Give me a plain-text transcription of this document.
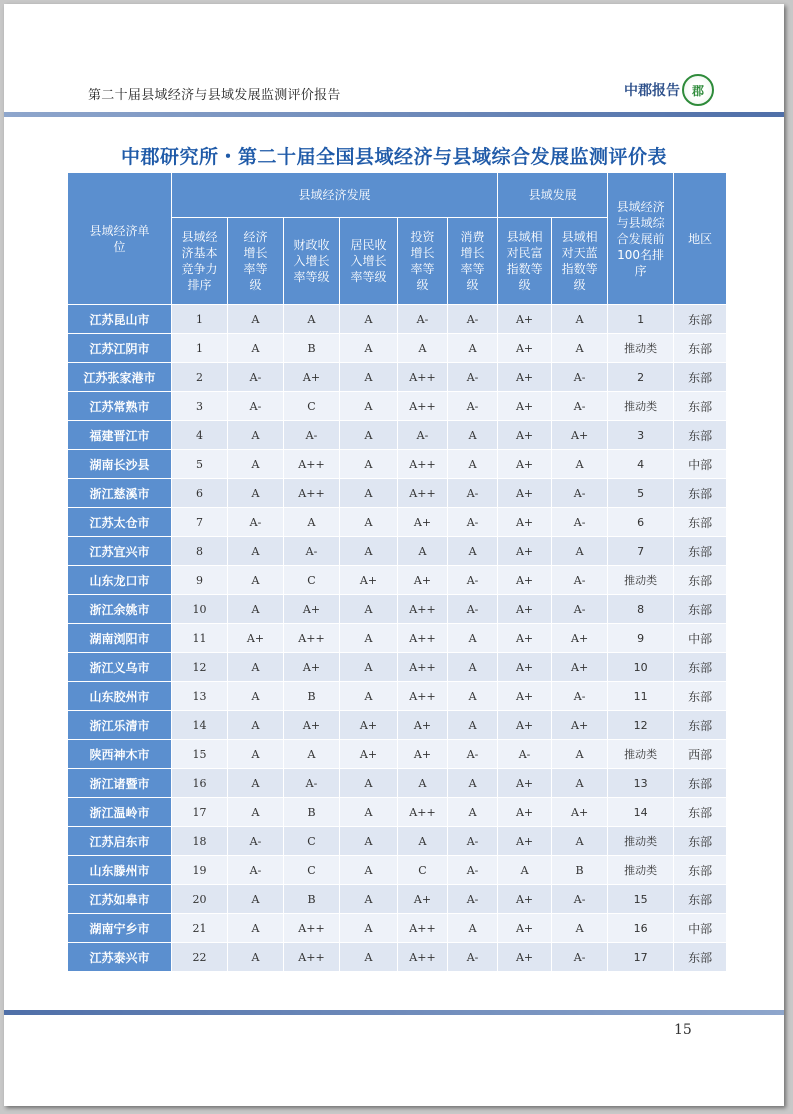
第二十届县域经济与县域发展监测评价报告	中郡报告 郡
中郡研究所・第二十届全国县域经济与县域综合发展监测评价表
县域经济单位	县域经济发展						县域发展		县域经济与县域综合发展前100名排序	地区
	县域经济基本竞争力排序	经济增长率等级	财政收入增长率等级	居民收入增长率等级	投资增长率等级	消费增长率等级	县域相对民富指数等级	县域相对天蓝指数等级		
江苏昆山市	1	A	A	A	A-	A-	A+	A	1	东部
江苏江阴市	1	A	B	A	A	A	A+	A	推动类	东部
江苏张家港市	2	A-	A+	A	A++	A-	A+	A-	2	东部
江苏常熟市	3	A-	C	A	A++	A-	A+	A-	推动类	东部
福建晋江市	4	A	A-	A	A-	A	A+	A+	3	东部
湖南长沙县	5	A	A++	A	A++	A	A+	A	4	中部
浙江慈溪市	6	A	A++	A	A++	A-	A+	A-	5	东部
江苏太仓市	7	A-	A	A	A+	A-	A+	A-	6	东部
江苏宜兴市	8	A	A-	A	A	A	A+	A	7	东部
山东龙口市	9	A	C	A+	A+	A-	A+	A-	推动类	东部
浙江余姚市	10	A	A+	A	A++	A-	A+	A-	8	东部
湖南浏阳市	11	A+	A++	A	A++	A	A+	A+	9	中部
浙江义乌市	12	A	A+	A	A++	A	A+	A+	10	东部
山东胶州市	13	A	B	A	A++	A	A+	A-	11	东部
浙江乐清市	14	A	A+	A+	A+	A	A+	A+	12	东部
陕西神木市	15	A	A	A+	A+	A-	A-	A	推动类	西部
浙江诸暨市	16	A	A-	A	A	A	A+	A	13	东部
浙江温岭市	17	A	B	A	A++	A	A+	A+	14	东部
江苏启东市	18	A-	C	A	A	A-	A+	A	推动类	东部
山东滕州市	19	A-	C	A	C	A-	A	B	推动类	东部
江苏如皋市	20	A	B	A	A+	A-	A+	A-	15	东部
湖南宁乡市	21	A	A++	A	A++	A	A+	A	16	中部
江苏泰兴市	22	A	A++	A	A++	A-	A+	A-	17	东部
15
